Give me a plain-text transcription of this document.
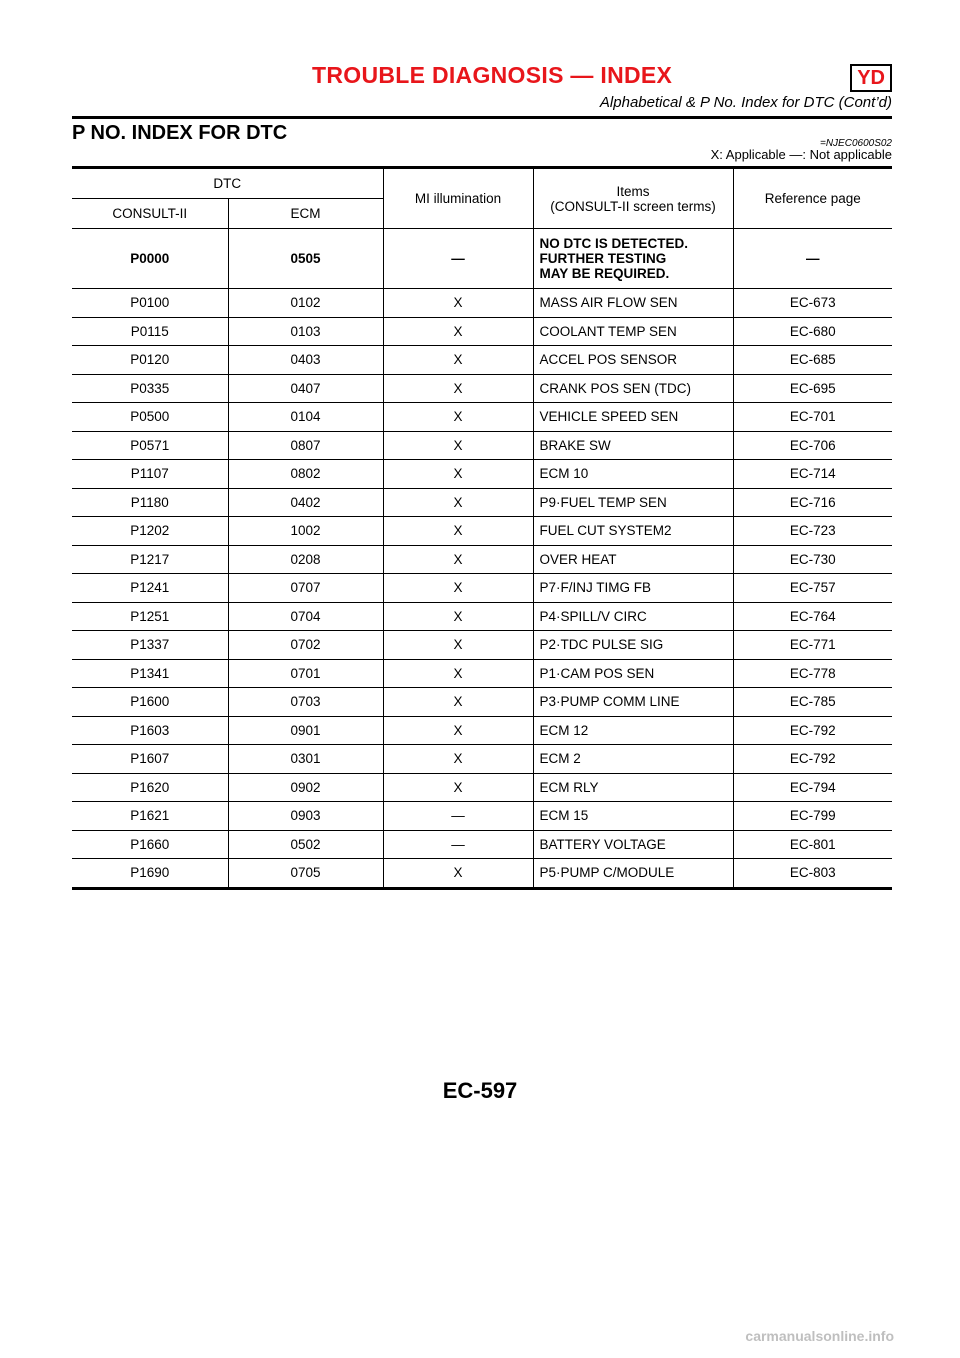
TROUBLE DIAGNOSIS — INDEX	YD
Alphabetical & P No. Index for DTC (Cont’d)
P NO. INDEX FOR DTC	=NJEC0600S02
X: Applicable —: Not applicable
DTC		MI illumination	Items
(CONSULT-II screen terms)	Reference page
CONSULT-II	ECM			
P0000	0505	—	NO DTC IS DETECTED.
FURTHER TESTING
MAY BE REQUIRED.	—
P0100	0102	X	MASS AIR FLOW SEN	EC-673
P0115	0103	X	COOLANT TEMP SEN	EC-680
P0120	0403	X	ACCEL POS SENSOR	EC-685
P0335	0407	X	CRANK POS SEN (TDC)	EC-695
P0500	0104	X	VEHICLE SPEED SEN	EC-701
P0571	0807	X	BRAKE SW	EC-706
P1107	0802	X	ECM 10	EC-714
P1180	0402	X	P9·FUEL TEMP SEN	EC-716
P1202	1002	X	FUEL CUT SYSTEM2	EC-723
P1217	0208	X	OVER HEAT	EC-730
P1241	0707	X	P7·F/INJ TIMG FB	EC-757
P1251	0704	X	P4·SPILL/V CIRC	EC-764
P1337	0702	X	P2·TDC PULSE SIG	EC-771
P1341	0701	X	P1·CAM POS SEN	EC-778
P1600	0703	X	P3·PUMP COMM LINE	EC-785
P1603	0901	X	ECM 12	EC-792
P1607	0301	X	ECM 2	EC-792
P1620	0902	X	ECM RLY	EC-794
P1621	0903	—	ECM 15	EC-799
P1660	0502	—	BATTERY VOLTAGE	EC-801
P1690	0705	X	P5·PUMP C/MODULE	EC-803
EC-597
carmanualsonline.info
